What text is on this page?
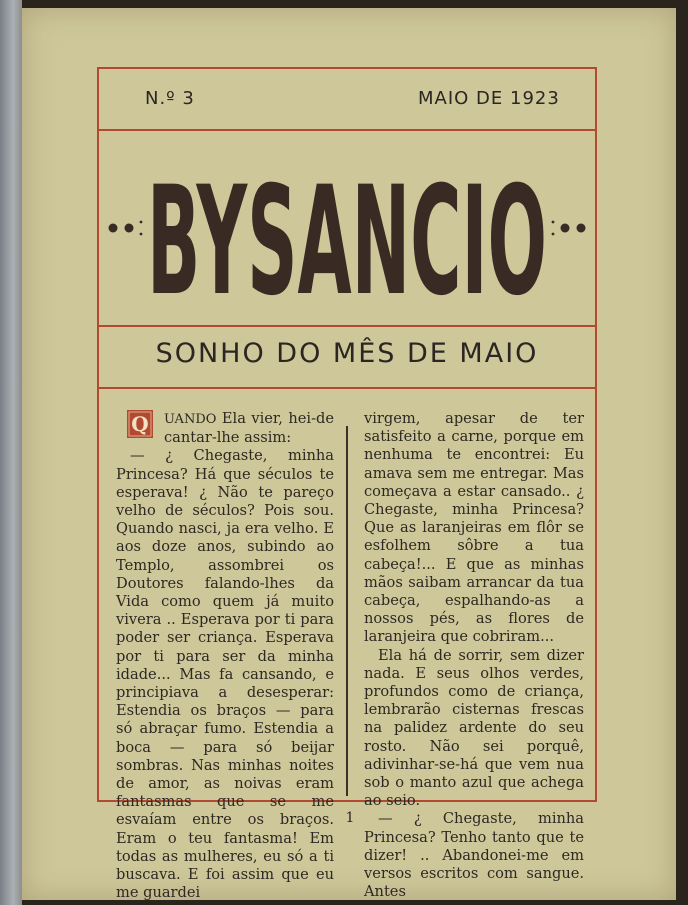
N.º 3	MAIO DE 1923
BYSANCIO
SONHO DO MÊS DE MAIO
Q UANDO Ela vier, hei-de cantar-lhe assim:

— ¿ Chegaste, minha Princesa? Há que séculos te esperava! ¿ Não te pareço velho de séculos? Pois sou. Quando nasci, ja era velho. E aos doze anos, subindo ao Templo, assombrei os Doutores falando-lhes da Vida como quem já muito vivera .. Esperava por ti para poder ser criança. Esperava por ti para ser da minha idade... Mas fa cansando, e principiava a desesperar: Estendia os braços — para só abraçar fumo. Estendia a boca — para só beijar sombras. Nas minhas noites de amor, as noivas eram fantasmas que se me esvaíam entre os braços. Eram o teu fantasma! Em todas as mulheres, eu só a ti buscava. E foi assim que eu me guardei

virgem, apesar de ter satisfeito a carne, porque em nenhuma te encontrei: Eu amava sem me entregar. Mas começava a estar cansado.. ¿ Chegaste, minha Princesa? Que as laranjeiras em flôr se esfolhem sôbre a tua cabeça!... E que as minhas mãos saibam arrancar da tua cabeça, espalhando-as a nossos pés, as flores de laranjeira que cobriram...

Ela há de sorrir, sem dizer nada. E seus olhos verdes, profundos como de criança, lembrarão cisternas frescas na palidez ardente do seu rosto. Não sei porquê, adivinhar-se-há que vem nua sob o manto azul que achega ao seio.

— ¿ Chegaste, minha Princesa? Tenho tanto que te dizer! .. Abandonei-me em versos escritos com sangue. Antes

1
